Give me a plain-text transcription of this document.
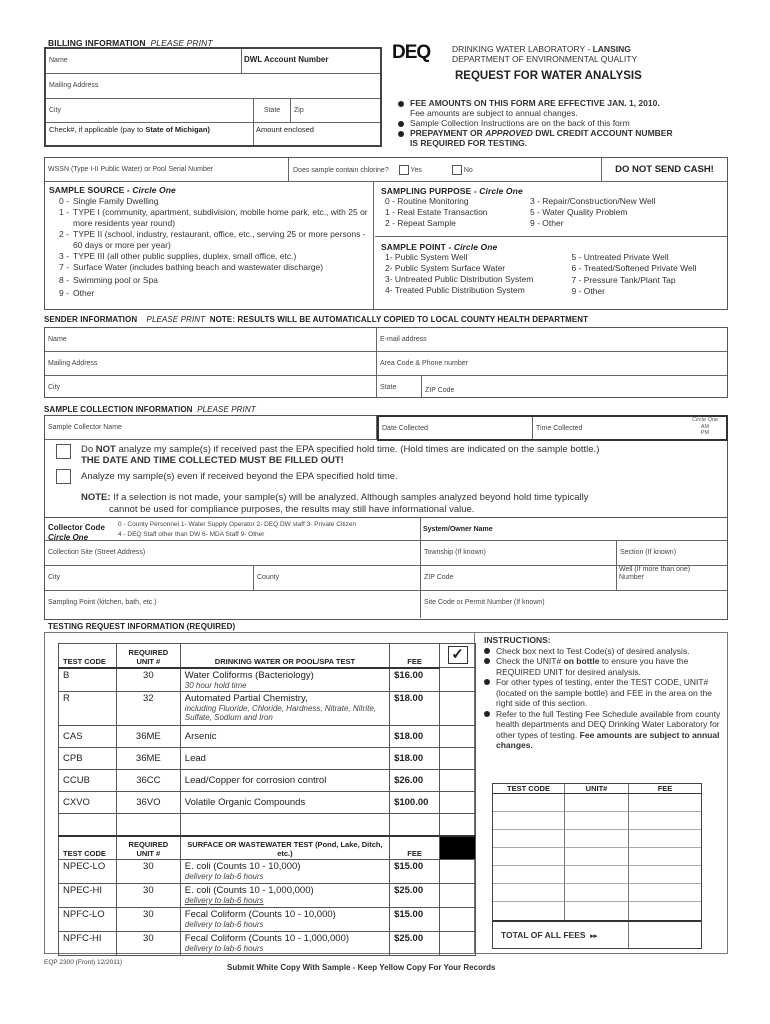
BILLING INFORMATION PLEASE PRINT
Name	DWL Account Number
Mailing Address
City	State	Zip
Check#, if applicable (pay to State of Michigan)	Amount enclosed
DEQ	DRINKING WATER LABORATORY - LANSING
DEPARTMENT OF ENVIRONMENTAL QUALITY
REQUEST FOR WATER ANALYSIS
FEE AMOUNTS ON THIS FORM ARE EFFECTIVE JAN. 1, 2010.
Fee amounts are subject to annual changes.
Sample Collection Instructions are on the back of this form
PREPAYMENT OR APPROVED DWL CREDIT ACCOUNT NUMBER
IS REQUIRED FOR TESTING.
WSSN (Type I-II Public Water) or Pool Serial Number	Does sample contain chlorine?	Yes	No	DO NOT SEND CASH!
SAMPLE SOURCE - Circle One
0 - Single Family Dwelling
1 - TYPE I (community, apartment, subdivision, mobile home park, etc., with 25 or more residents year round)
2 - TYPE II (school, industry, restaurant, office, etc., serving 25 or more persons - 60 days or more per year)
3 - TYPE III (all other public supplies, duplex, small office, etc.)
7 - Surface Water (includes bathing beach and wastewater discharge)
8 - Swimming pool or Spa
9 - Other
SAMPLING PURPOSE - Circle One
0 - Routine Monitoring	3 - Repair/Construction/New Well
1 - Real Estate Transaction	5 - Water Quality Problem
2 - Repeat Sample	9 - Other
SAMPLE POINT - Circle One
1- Public System Well
2- Public System Surface Water
3- Untreated Public Distribution System
4- Treated Public Distribution System
5 - Untreated Private Well
6 - Treated/Softened Private Well
7 - Pressure Tank/Plant Tap
9 - Other
SENDER INFORMATION PLEASE PRINT NOTE: RESULTS WILL BE AUTOMATICALLY COPIED TO LOCAL COUNTY HEALTH DEPARTMENT
Name	E-mail address
Mailing Address	Area Code & Phone number
City	State	ZIP Code
SAMPLE COLLECTION INFORMATION PLEASE PRINT
Sample Collector Name	Date Collected	Time Collected
Circle One
AM
PM
Do NOT analyze my sample(s) if received past the EPA specified hold time. (Hold times are indicated on the sample bottle.)
THE DATE AND TIME COLLECTED MUST BE FILLED OUT!
Analyze my sample(s) even if received beyond the EPA specified hold time.
NOTE: If a selection is not made, your sample(s) will be analyzed. Although samples analyzed beyond hold time typically
cannot be used for compliance purposes, the results may still have informational value.
Collector Code
Circle One
0 - County Personnel 1- Water Supply Operator 2- DEQ DW staff 3- Private Citizen
4 - DEQ Staff other than DW 6- MDA Staff 9- Other
System/Owner Name
Collection Site (Street Address)	Township (If known)	Section (If known)
City	County	ZIP Code
Well (If more than one)
Number
Sampling Point (kitchen, bath, etc.)	Site Code or Permit Number (If known)
TESTING REQUEST INFORMATION (REQUIRED)
TEST CODE	REQUIRED UNIT #	DRINKING WATER OR POOL/SPA TEST	FEE	✓
B	30	Water Coliforms (Bacteriology)
30 hour hold time	$16.00	
R	32	Automated Partial Chemistry,
including Fluoride, Chloride, Hardness, Nitrate, Nitrite, Sulfate, Sodium and Iron	$18.00	
CAS	36ME	Arsenic	$18.00	
CPB	36ME	Lead	$18.00	
CCUB	36CC	Lead/Copper for corrosion control	$26.00	
CXVO	36VO	Volatile Organic Compounds	$100.00	

TEST CODE	REQUIRED UNIT #	SURFACE OR WASTEWATER TEST (Pond, Lake, Ditch, etc.)	FEE	
NPEC-LO	30	E. coli (Counts 10 - 10,000)
delivery to lab-6 hours	$15.00	
NPEC-HI	30	E. coli (Counts 10 - 1,000,000)
delivery to lab-6 hours	$25.00	
NPFC-LO	30	Fecal Coliform (Counts 10 - 10,000)
delivery to lab-6 hours	$15.00	
NPFC-HI	30	Fecal Coliform (Counts 10 - 1,000,000)
delivery to lab-6 hours	$25.00	
INSTRUCTIONS:
Check box next to Test Code(s) of desired analysis.
Check the UNIT# on bottle to ensure you have the REQUIRED UNIT for desired analysis.
For other types of testing, enter the TEST CODE, UNIT# (located on the sample bottle) and FEE in the area on the right side of this section.
Refer to the full Testing Fee Schedule available from county health departments and DEQ Drinking Water Laboratory for other types of testing. Fee amounts are subject to annual changes.
TEST CODE	UNIT#	FEE
TOTAL OF ALL FEES ▸▸
EQP 2300 (Front) 12/2011)
Submit White Copy With Sample - Keep Yellow Copy For Your Records
